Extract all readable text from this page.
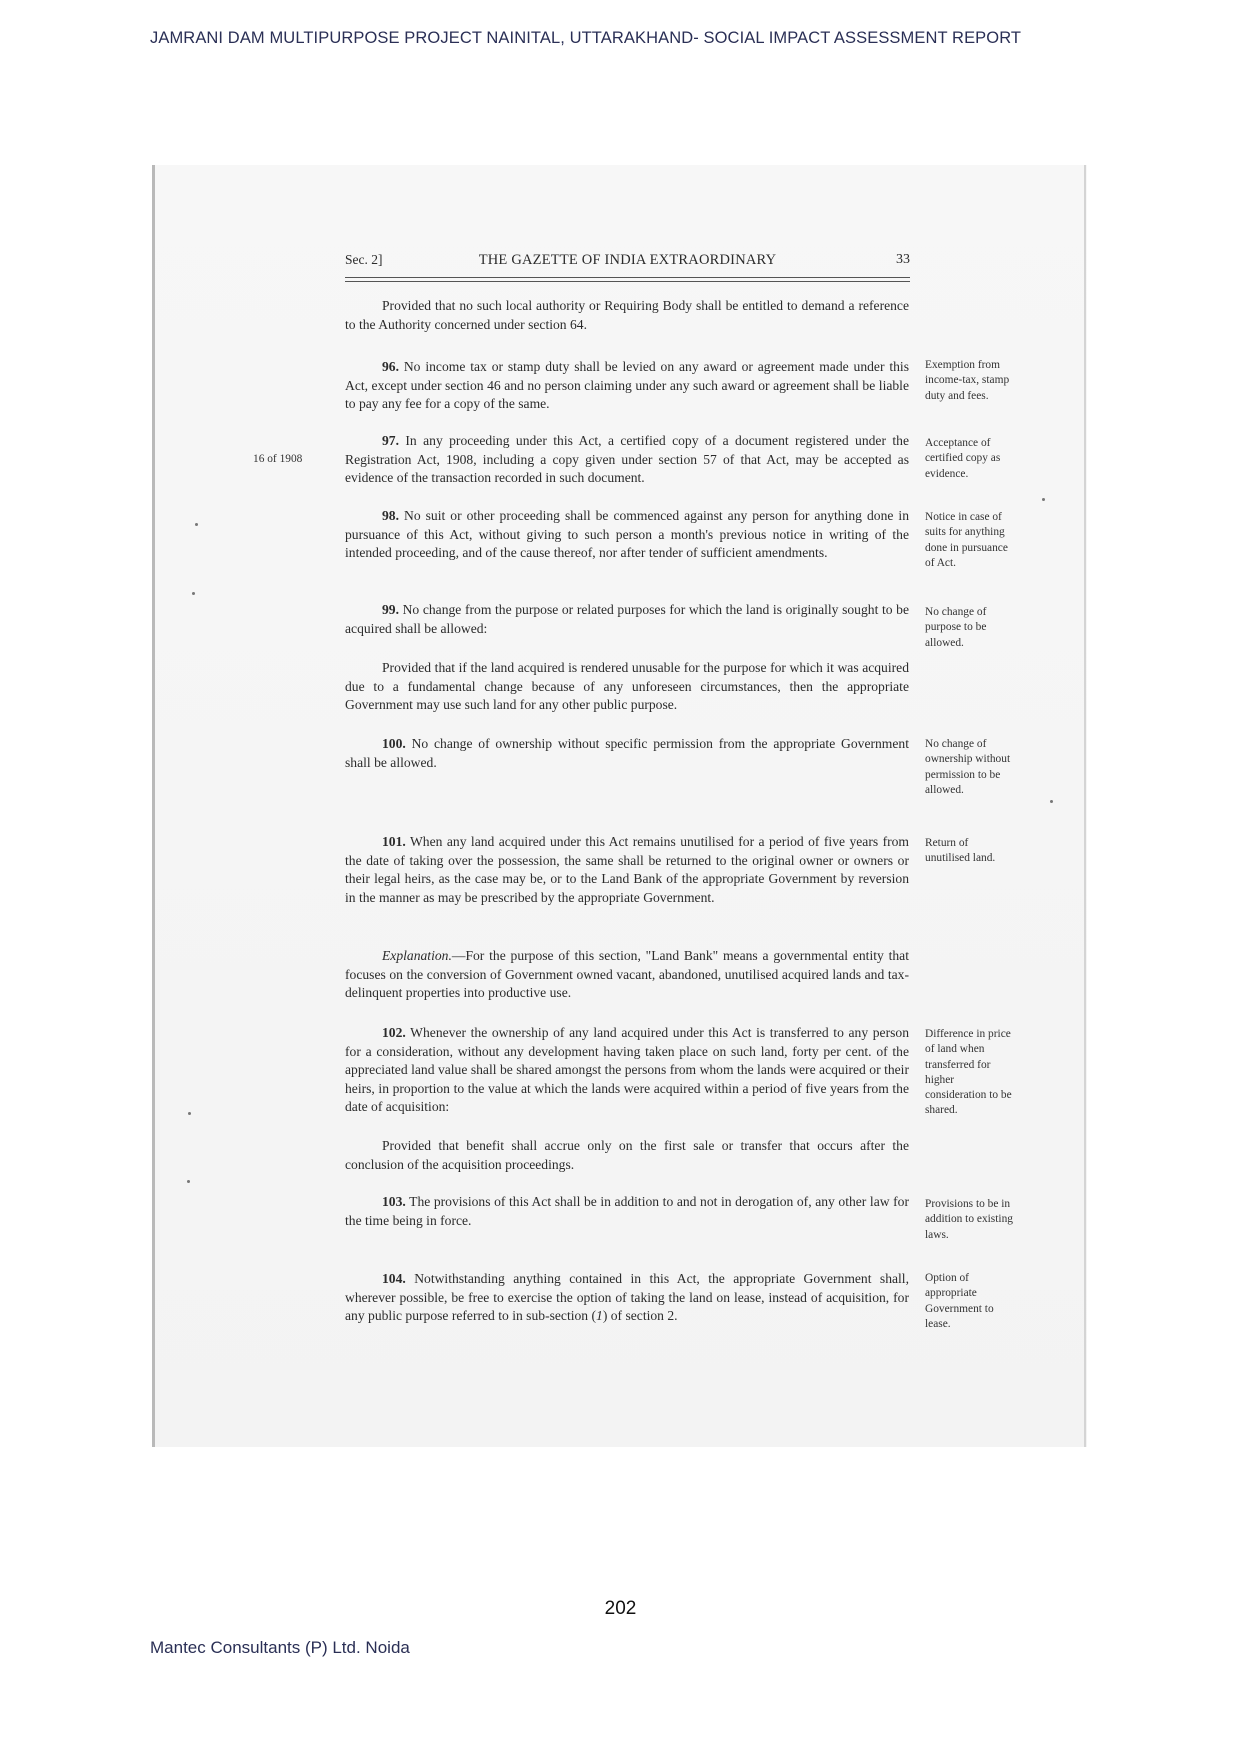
JAMRANI DAM MULTIPURPOSE PROJECT NAINITAL, UTTARAKHAND- SOCIAL IMPACT ASSESSMENT REPORT
Sec. 2]	THE GAZETTE OF INDIA EXTRAORDINARY	33
Provided that no such local authority or Requiring Body shall be entitled to demand a reference to the Authority concerned under section 64.
96. No income tax or stamp duty shall be levied on any award or agreement made under this Act, except under section 46 and no person claiming under any such award or agreement shall be liable to pay any fee for a copy of the same.
Exemption from income-tax, stamp duty and fees.
97. In any proceeding under this Act, a certified copy of a document registered under the Registration Act, 1908, including a copy given under section 57 of that Act, may be accepted as evidence of the transaction recorded in such document.
16 of 1908
Acceptance of certified copy as evidence.
98. No suit or other proceeding shall be commenced against any person for anything done in pursuance of this Act, without giving to such person a month's previous notice in writing of the intended proceeding, and of the cause thereof, nor after tender of sufficient amendments.
Notice in case of suits for anything done in pursuance of Act.
99. No change from the purpose or related purposes for which the land is originally sought to be acquired shall be allowed:
No change of purpose to be allowed.
Provided that if the land acquired is rendered unusable for the purpose for which it was acquired due to a fundamental change because of any unforeseen circumstances, then the appropriate Government may use such land for any other public purpose.
100. No change of ownership without specific permission from the appropriate Government shall be allowed.
No change of ownership without permission to be allowed.
101. When any land acquired under this Act remains unutilised for a period of five years from the date of taking over the possession, the same shall be returned to the original owner or owners or their legal heirs, as the case may be, or to the Land Bank of the appropriate Government by reversion in the manner as may be prescribed by the appropriate Government.
Return of unutilised land.
Explanation.—For the purpose of this section, "Land Bank" means a governmental entity that focuses on the conversion of Government owned vacant, abandoned, unutilised acquired lands and tax-delinquent properties into productive use.
102. Whenever the ownership of any land acquired under this Act is transferred to any person for a consideration, without any development having taken place on such land, forty per cent. of the appreciated land value shall be shared amongst the persons from whom the lands were acquired or their heirs, in proportion to the value at which the lands were acquired within a period of five years from the date of acquisition:
Difference in price of land when transferred for higher consideration to be shared.
Provided that benefit shall accrue only on the first sale or transfer that occurs after the conclusion of the acquisition proceedings.
103. The provisions of this Act shall be in addition to and not in derogation of, any other law for the time being in force.
Provisions to be in addition to existing laws.
104. Notwithstanding anything contained in this Act, the appropriate Government shall, wherever possible, be free to exercise the option of taking the land on lease, instead of acquisition, for any public purpose referred to in sub-section (1) of section 2.
Option of appropriate Government to lease.
202
Mantec Consultants (P) Ltd. Noida
